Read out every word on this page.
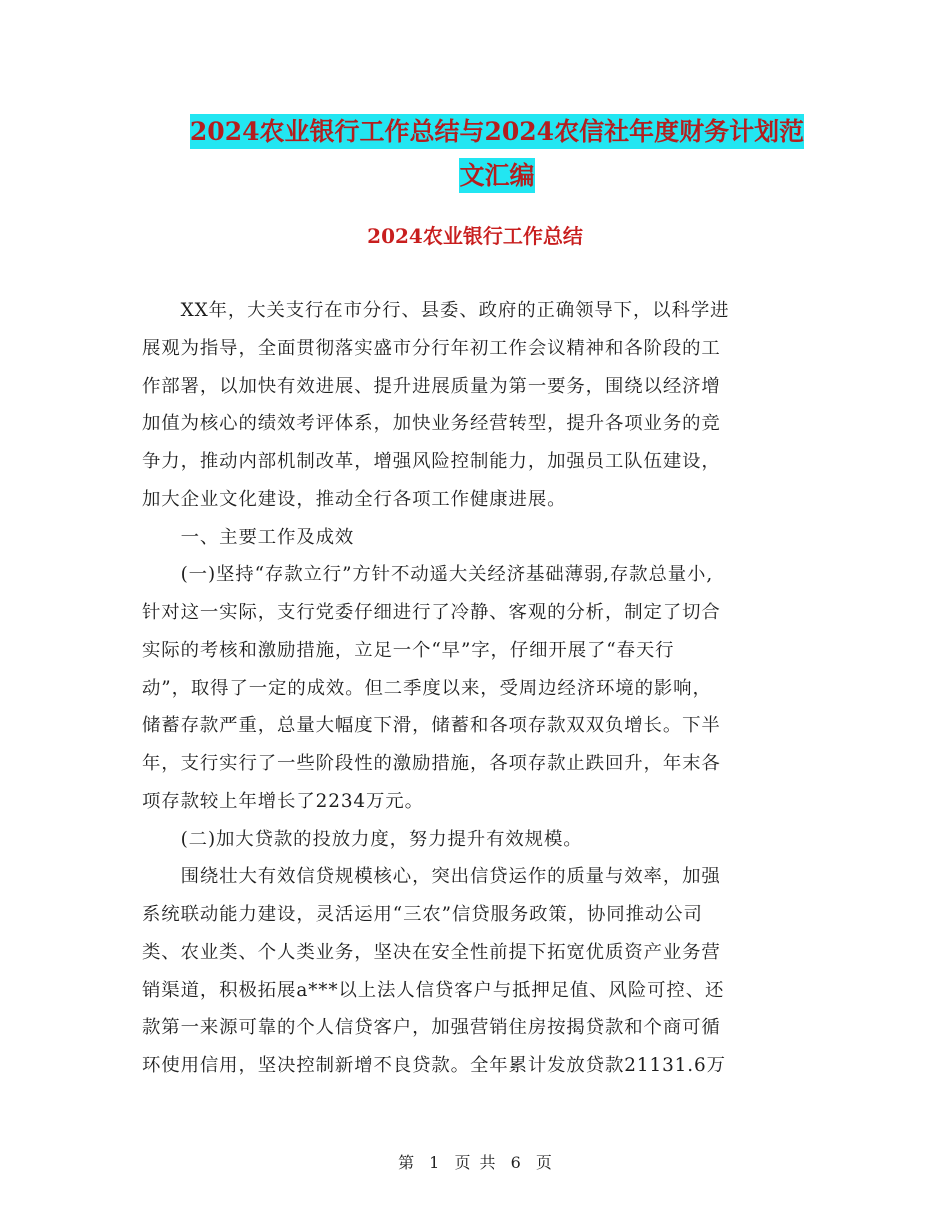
2024农业银行工作总结与2024农信社年度财务计划范
文汇编
2024农业银行工作总结
　　XX年，大关支行在市分行、县委、政府的正确领导下，以科学进
展观为指导，全面贯彻落实盛市分行年初工作会议精神和各阶段的工
作部署，以加快有效进展、提升进展质量为第一要务，围绕以经济增
加值为核心的绩效考评体系，加快业务经营转型，提升各项业务的竞
争力，推动内部机制改革，增强风险控制能力，加强员工队伍建设，
加大企业文化建设，推动全行各项工作健康进展。
　　一、主要工作及成效
　　(一)坚持“存款立行”方针不动遥大关经济基础薄弱,存款总量小,
针对这一实际，支行党委仔细进行了冷静、客观的分析，制定了切合
实际的考核和激励措施，立足一个“早”字，仔细开展了“春天行
动”，取得了一定的成效。但二季度以来，受周边经济环境的影响，
储蓄存款严重，总量大幅度下滑，储蓄和各项存款双双负增长。下半
年，支行实行了一些阶段性的激励措施，各项存款止跌回升，年末各
项存款较上年增长了2234万元。
　　(二)加大贷款的投放力度，努力提升有效规模。
　　围绕壮大有效信贷规模核心，突出信贷运作的质量与效率，加强
系统联动能力建设，灵活运用“三农”信贷服务政策，协同推动公司
类、农业类、个人类业务，坚决在安全性前提下拓宽优质资产业务营
销渠道，积极拓展a***以上法人信贷客户与抵押足值、风险可控、还
款第一来源可靠的个人信贷客户，加强营销住房按揭贷款和个商可循
环使用信用，坚决控制新增不良贷款。全年累计发放贷款21131.6万
第 1 页 共 6 页
